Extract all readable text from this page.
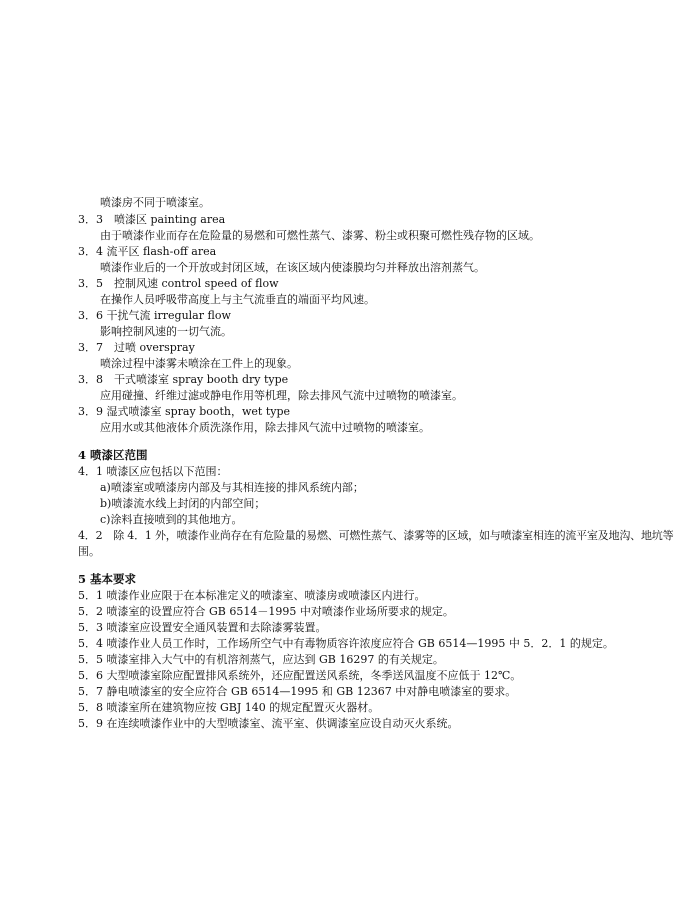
喷漆房不同于喷漆室。
3．3　喷漆区 painting area
由于喷漆作业而存在危险量的易燃和可燃性蒸气、漆雾、粉尘或积聚可燃性残存物的区域。
3．4 流平区 flash-off area
喷漆作业后的一个开放或封闭区域，在该区域内使漆膜均匀并释放出溶剂蒸气。
3．5　控制风速 control speed of flow
在操作人员呼吸带高度上与主气流垂直的端面平均风速。
3．6 干扰气流 irregular flow
影响控制风速的一切气流。
3．7　过喷 overspray
喷涂过程中漆雾未喷涂在工件上的现象。
3．8　干式喷漆室 spray booth dry type
应用碰撞、纤维过滤或静电作用等机理，除去排风气流中过喷物的喷漆室。
3．9 湿式喷漆室 spray booth，wet type
应用水或其他液体介质洗涤作用，除去排风气流中过喷物的喷漆室。
4 喷漆区范围
4．1 喷漆区应包括以下范围：
a)喷漆室或喷漆房内部及与其相连接的排风系统内部；
b)喷漆流水线上封闭的内部空间；
c)涂料直接喷到的其他地方。
4．2　除 4．1 外，喷漆作业尚存在有危险量的易燃、可燃性蒸气、漆雾等的区域，如与喷漆室相连的流平室及地沟、地坑等
围。
5 基本要求
5．1 喷漆作业应限于在本标准定义的喷漆室、喷漆房或喷漆区内进行。
5．2 喷漆室的设置应符合 GB 6514－1995 中对喷漆作业场所要求的规定。
5．3 喷漆室应设置安全通风装置和去除漆雾装置。
5．4 喷漆作业人员工作时，工作场所空气中有毒物质容许浓度应符合 GB 6514—1995 中 5．2．1 的规定。
5．5 喷漆室排入大气中的有机溶剂蒸气，应达到 GB 16297 的有关规定。
5．6 大型喷漆室除应配置排风系统外，还应配置送风系统，冬季送风温度不应低于 12℃。
5．7 静电喷漆室的安全应符合 GB 6514—1995 和 GB 12367 中对静电喷漆室的要求。
5．8 喷漆室所在建筑物应按 GBJ 140 的规定配置灭火器材。
5．9 在连续喷漆作业中的大型喷漆室、流平室、供调漆室应设自动灭火系统。
